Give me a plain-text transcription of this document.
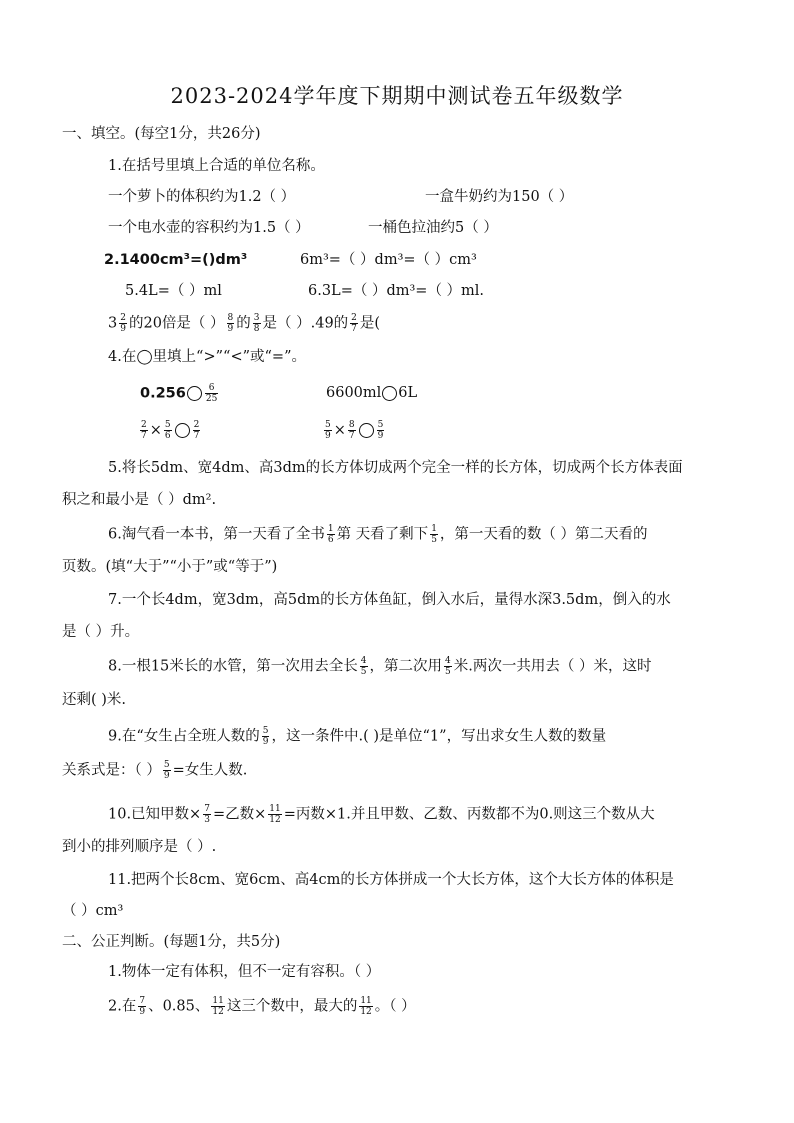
2023-2024学年度下期期中测试卷五年级数学
一、填空。(每空1分，共26分)
1.在括号里填上合适的单位名称。
一个萝卜的体积约为1.2（ ）	一盒牛奶约为150（ ）
一个电水壶的容积约为1.5（ ）	一桶色拉油约5（ ）
2.1400cm³=()dm³	6m³=（ ）dm³=（ ）cm³
5.4L=（ ）ml	6.3L=（ ）dm³=（ ）ml.
$3 \frac{2}{9}$ 的20倍是（ ） $\frac{8}{9}$ 的 $\frac{3}{8}$ 是（ ）.49的 $\frac{2}{7}$ 是(
4.在◯里填上“>”“<”或“=”。
$0.256 \frac{6}{25}$	6600ml 6L
$\frac{2}{7} \times \frac{5}{6} \frac{2}{7}$	$\frac{5}{9} \times \frac{8}{7} \frac{5}{9}$
5.将长5dm、宽4dm、高3dm的长方体切成两个完全一样的长方体，切成两个长方体表面
积之和最小是（ ）dm².
6.淘气看一本书，第一天看了全书 $\frac{1}{6}$ 第 天看了剩下 $\frac{1}{5}$ ，第一天看的数（ ）第二天看的
页数。(填“大于”“小于”或“等于”)
7.一个长4dm，宽3dm，高5dm的长方体鱼缸，倒入水后，量得水深3.5dm，倒入的水
是（ ）升。
8.一根15米长的水管，第一次用去全长 $\frac{4}{5}$ ，第二次用 $\frac{4}{5}$ 米.两次一共用去（ ）米，这时
还剩( )米.
9.在“女生占全班人数的 $\frac{5}{9}$ ，这一条件中.( )是单位“1”，写出求女生人数的数量
关系式是：（ ） $\frac{5}{9}$ =女生人数.
10.已知甲数× $\frac{7}{3}$ =乙数× $\frac{11}{12}$ =丙数×1.并且甲数、乙数、丙数都不为0.则这三个数从大
到小的排列顺序是（ ）.
11.把两个长8cm、宽6cm、高4cm的长方体拼成一个大长方体，这个大长方体的体积是
（ ）cm³
二、公正判断。(每题1分，共5分)
1.物体一定有体积，但不一定有容积。（ ）
2.在 $\frac{7}{9}$ 、0.85、 $\frac{11}{12}$ 这三个数中，最大的 $\frac{11}{12}$ 。（ ）
